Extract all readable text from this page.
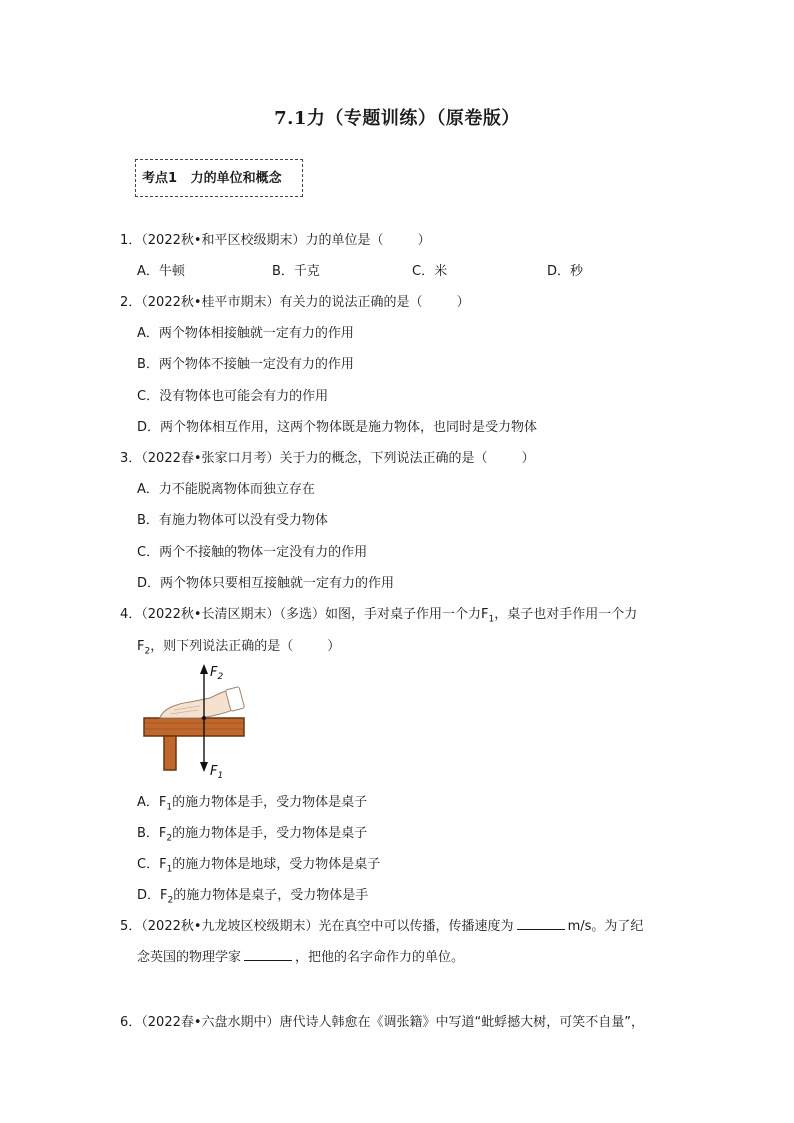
7.1力（专题训练）（原卷版）
考点1 力的单位和概念
1．（2022秋•和平区校级期末）力的单位是（	）
A．牛顿	B．千克	C．米	D．秒
2．（2022秋•桂平市期末）有关力的说法正确的是（	）
A．两个物体相接触就一定有力的作用
B．两个物体不接触一定没有力的作用
C．没有物体也可能会有力的作用
D．两个物体相互作用，这两个物体既是施力物体，也同时是受力物体
3．（2022春•张家口月考）关于力的概念，下列说法正确的是（	）
A．力不能脱离物体而独立存在
B．有施力物体可以没有受力物体
C．两个不接触的物体一定没有力的作用
D．两个物体只要相互接触就一定有力的作用
4．（2022秋•长清区期末）（多选）如图，手对桌子作用一个力$F_1$，桌子也对手作用一个力
$F_2$，则下列说法正确的是（	）
$F_2$
$F_1$
A．$F_1$的施力物体是手，受力物体是桌子
B．$F_2$的施力物体是手，受力物体是桌子
C．$F_1$的施力物体是地球，受力物体是桌子
D．$F_2$的施力物体是桌子，受力物体是手
5．（2022秋•九龙坡区校级期末）光在真空中可以传播，传播速度为	m/s。为了纪
念英国的物理学家	，把他的名字命作力的单位。
6．（2022春•六盘水期中）唐代诗人韩愈在《调张籍》中写道“蚍蜉撼大树，可笑不自量”，
